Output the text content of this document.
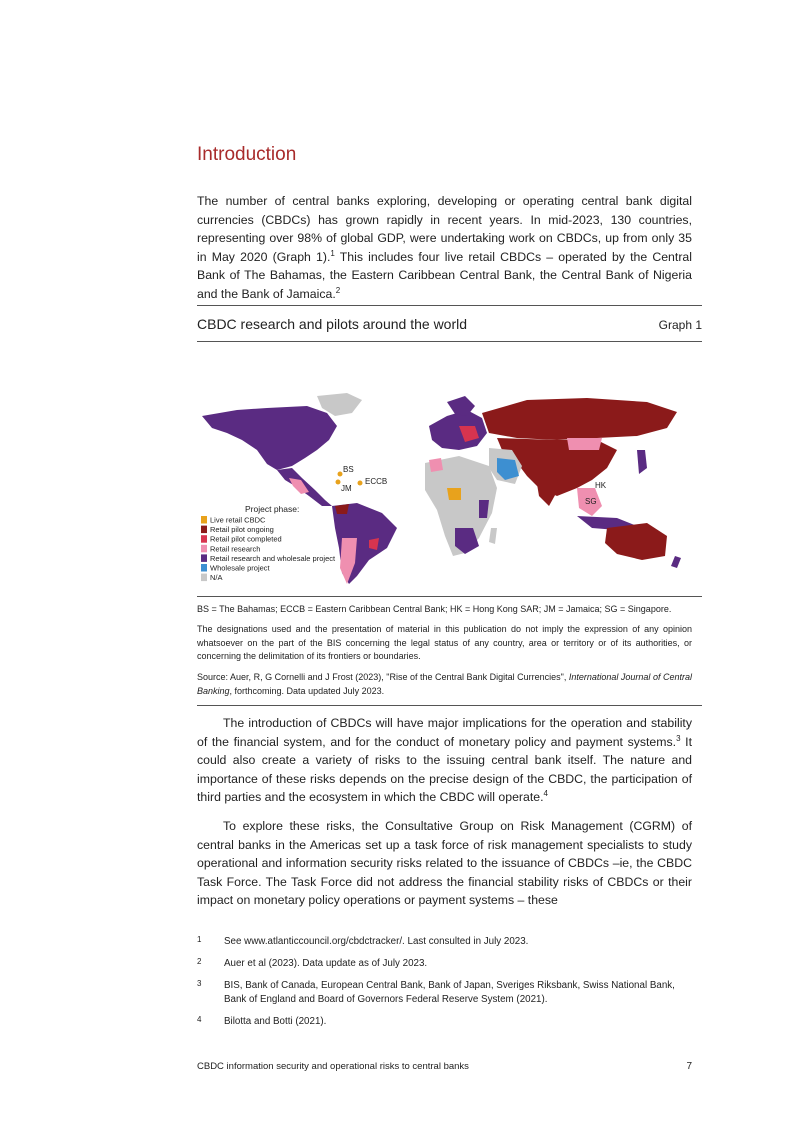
Introduction

The number of central banks exploring, developing or operating central bank digital currencies (CBDCs) has grown rapidly in recent years. In mid-2023, 130 countries, representing over 98% of global GDP, were undertaking work on CBDCs, up from only 35 in May 2020 (Graph 1).$^1$ This includes four live retail CBDCs – operated by the Central Bank of The Bahamas, the Eastern Caribbean Central Bank, the Central Bank of Nigeria and the Bank of Jamaica.$^2$

CBDC research and pilots around the world	Graph 1
BS
ECCB
JM	HK
SG
Project phase:
Live retail CBDC
Retail pilot ongoing
Retail pilot completed
Retail research
Retail research and wholesale project
Wholesale project
N/A
BS = The Bahamas; ECCB = Eastern Caribbean Central Bank; HK = Hong Kong SAR; JM = Jamaica; SG = Singapore.
The designations used and the presentation of material in this publication do not imply the expression of any opinion whatsoever on the part of the BIS concerning the legal status of any country, area or territory or of its authorities, or concerning the delimitation of its frontiers or boundaries.
Source: Auer, R, G Cornelli and J Frost (2023), "Rise of the Central Bank Digital Currencies", International Journal of Central Banking, forthcoming. Data updated July 2023.

The introduction of CBDCs will have major implications for the operation and stability of the financial system, and for the conduct of monetary policy and payment systems.$^3$ It could also create a variety of risks to the issuing central bank itself. The nature and importance of these risks depends on the precise design of the CBDC, the participation of third parties and the ecosystem in which the CBDC will operate.$^4$

To explore these risks, the Consultative Group on Risk Management (CGRM) of central banks in the Americas set up a task force of risk management specialists to study operational and information security risks related to the issuance of CBDCs –ie, the CBDC Task Force. The Task Force did not address the financial stability risks of CBDCs or their impact on monetary policy operations or payment systems – these

1 See www.atlanticcouncil.org/cbdctracker/. Last consulted in July 2023.
2 Auer et al (2023). Data update as of July 2023.
3 BIS, Bank of Canada, European Central Bank, Bank of Japan, Sveriges Riksbank, Swiss National Bank, Bank of England and Board of Governors Federal Reserve System (2021).
4 Bilotta and Botti (2021).
CBDC information security and operational risks to central banks	7
